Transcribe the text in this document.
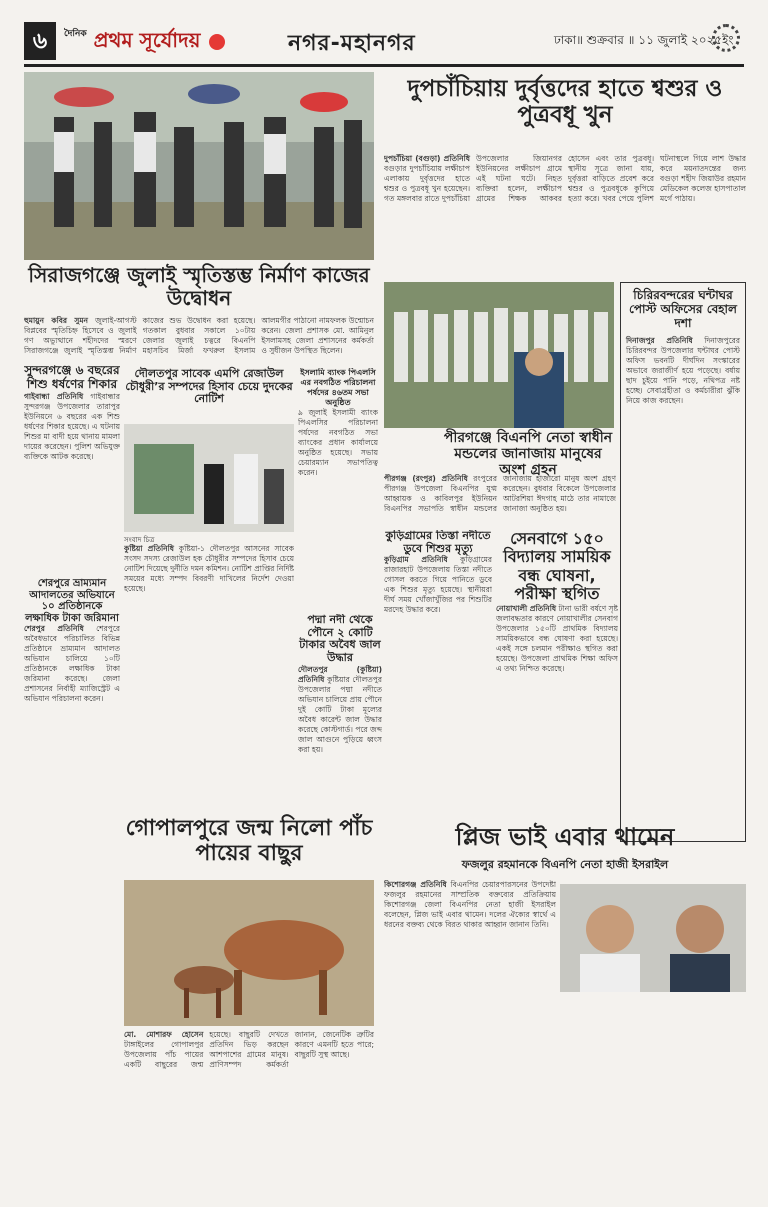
৬	$^{দৈনিক}$ প্রথম সূর্যোদয়	নগর-মহানগর	ঢাকা॥ শুক্রবার ॥ ১১ জুলাই ২০২৫ইং
দুপচাঁচিয়ায় দুর্বৃত্তদের হাতে শ্বশুর ও পুত্রবধূ খুন
দুপচাঁচিয়া (বগুড়া) প্রতিনিধি বগুড়ার দুপচাঁচিয়ায় লক্ষীচাপ এলাকায় দুর্বৃত্তদের হাতে শ্বশুর ও পুত্রবধূ খুন হয়েছেন। গত মঙ্গলবার রাতে দুপচাঁচিয়া উপজেলার জিয়ানগর ইউনিয়নের লক্ষীচাপ গ্রামে এই ঘটনা ঘটে। নিহত ব্যক্তিরা হলেন, লক্ষীচাপ গ্রামের শিক্ষক আকবর হোসেন এবং তার পুত্রবধূ। স্থানীয় সূত্রে জানা যায়, দুর্বৃত্তরা বাড়িতে প্রবেশ করে শ্বশুর ও পুত্রবধূকে কুপিয়ে হত্যা করে। খবর পেয়ে পুলিশ ঘটনাস্থলে গিয়ে লাশ উদ্ধার করে ময়নাতদন্তের জন্য বগুড়া শহীদ জিয়াউর রহমান মেডিকেল কলেজ হাসপাতাল মর্গে পাঠায়।
সিরাজগঞ্জে জুলাই স্মৃতিস্তম্ভ নির্মাণ কাজের উদ্বোধন
হুমায়ুন কবির সুমন জুলাই-আগস্ট বিপ্লবের স্মৃতিচিহ্ন হিসেবে ও জুলাই গণ অভ্যুত্থানে শহীদদের স্মরণে সিরাজগঞ্জে জুলাই স্মৃতিস্তম্ভ নির্মাণ কাজের শুভ উদ্বোধন করা হয়েছে। গতকাল বুধবার সকালে ১০টায় জেলার জুলাই চত্বরে বিএনপি মহাসচিব মির্জা ফখরুল ইসলাম আলমগীর পাঠানো নামফলক উন্মোচন করেন। জেলা প্রশাসক মো. আমিনুল ইসলামসহ জেলা প্রশাসনের কর্মকর্তা ও সুধীজন উপস্থিত ছিলেন।
চিরিরবন্দরের ঘন্টাঘর পোস্ট অফিসের বেহাল দশা
দিনাজপুর প্রতিনিধি দিনাজপুরের চিরিরবন্দর উপজেলার ঘন্টাঘর পোস্ট অফিস ভবনটি দীর্ঘদিন সংস্কারের অভাবে জরাজীর্ণ হয়ে পড়েছে। বর্ষায় ছাদ চুইয়ে পানি পড়ে, নথিপত্র নষ্ট হচ্ছে। সেবাগ্রহীতা ও কর্মচারীরা ঝুঁকি নিয়ে কাজ করছেন।
পীরগঞ্জে বিএনপি নেতা স্বাধীন মন্ডলের জানাজায় মানুষের অংশ গ্রহন
পীরগঞ্জ (রংপুর) প্রতিনিধি রংপুরের পীরগঞ্জ উপজেলা বিএনপির যুগ্ম আহ্বায়ক ও কাবিলপুর ইউনিয়ন বিএনপির সভাপতি স্বাধীন মন্ডলের জানাজায় হাজারো মানুষ অংশ গ্রহণ করেছেন। বুধবার বিকেলে উপজেলার আটরশিয়া ঈদগাহ মাঠে তার নামাজে জানাজা অনুষ্ঠিত হয়।
সুন্দরগঞ্জে ৬ বছরের শিশু ধর্ষণের শিকার
গাইবান্ধা প্রতিনিধি গাইবান্ধার সুন্দরগঞ্জ উপজেলার তারাপুর ইউনিয়নে ৬ বছরের এক শিশু ধর্ষণের শিকার হয়েছে। এ ঘটনায় শিশুর মা বাদী হয়ে থানায় মামলা দায়ের করেছেন। পুলিশ অভিযুক্ত ব্যক্তিকে আটক করেছে।
শেরপুরে ভ্রাম্যমান আদালতের অভিযানে ১০ প্রতিষ্ঠানকে লক্ষাধিক টাকা জরিমানা
শেরপুর প্রতিনিধি শেরপুরে অবৈধভাবে পরিচালিত বিভিন্ন প্রতিষ্ঠানে ভ্রাম্যমান আদালত অভিযান চালিয়ে ১০টি প্রতিষ্ঠানকে লক্ষাধিক টাকা জরিমানা করেছে। জেলা প্রশাসনের নির্বাহী ম্যাজিস্ট্রেট এ অভিযান পরিচালনা করেন।
দৌলতপুর সাবেক এমপি রেজাউল চৌধুরী’র সম্পদের হিসাব চেয়ে দুদকের নোটিশ
সংবাদ চিত্র
কুষ্টিয়া প্রতিনিধি কুষ্টিয়া-১ দৌলতপুর আসনের সাবেক সংসদ সদস্য রেজাউল হক চৌধুরীর সম্পদের হিসাব চেয়ে নোটিশ দিয়েছে দুর্নীতি দমন কমিশন। নোটিশ প্রাপ্তির নির্দিষ্ট সময়ের মধ্যে সম্পদ বিবরণী দাখিলের নির্দেশ দেওয়া হয়েছে।
ইসলামি ব্যাংক পিএলসি এর নবগঠিত পরিচালনা পর্ষদের ৪৬তম সভা অনুষ্ঠিত
৯ জুলাই ইসলামী ব্যাংক পিএলসির পরিচালনা পর্ষদের নবগঠিত সভা ব্যাংকের প্রধান কার্যালয়ে অনুষ্ঠিত হয়েছে। সভায় চেয়ারম্যান সভাপতিত্ব করেন।
কুড়িগ্রামের তিস্তা নদীতে ডুবে শিশুর মৃত্যু
কুড়িগ্রাম প্রতিনিধি কুড়িগ্রামের রাজারহাট উপজেলায় তিস্তা নদীতে গোসল করতে গিয়ে পানিতে ডুবে এক শিশুর মৃত্যু হয়েছে। স্থানীয়রা দীর্ঘ সময় খোঁজাখুঁজির পর শিশুটির মরদেহ উদ্ধার করে।
পদ্মা নদী থেকে পৌনে ২ কোটি টাকার অবৈধ জাল উদ্ধার
দৌলতপুর (কুষ্টিয়া) প্রতিনিধি কুষ্টিয়ার দৌলতপুর উপজেলার পদ্মা নদীতে অভিযান চালিয়ে প্রায় পৌনে দুই কোটি টাকা মূল্যের অবৈধ কারেন্ট জাল উদ্ধার করেছে কোস্টগার্ড। পরে জব্দ জাল আগুনে পুড়িয়ে ধ্বংস করা হয়।
সেনবাগে ১৫০ বিদ্যালয় সাময়িক বন্ধ ঘোষনা, পরীক্ষা স্থগিত
নোয়াখালী প্রতিনিধি টানা ভারী বর্ষণে সৃষ্ট জলাবদ্ধতার কারণে নোয়াখালীর সেনবাগ উপজেলার ১৫০টি প্রাথমিক বিদ্যালয় সাময়িকভাবে বন্ধ ঘোষণা করা হয়েছে। একই সঙ্গে চলমান পরীক্ষাও স্থগিত করা হয়েছে। উপজেলা প্রাথমিক শিক্ষা অফিস এ তথ্য নিশ্চিত করেছে।
গোপালপুরে জন্ম নিলো পাঁচ পায়ের বাছুর
মো. মোশারফ হোসেন টাঙ্গাইলের গোপালপুর উপজেলায় পাঁচ পায়ের একটি বাছুরের জন্ম হয়েছে। বাছুরটি দেখতে প্রতিদিন ভিড় করছেন আশপাশের গ্রামের মানুষ। প্রাণিসম্পদ কর্মকর্তা জানান, জেনেটিক ত্রুটির কারণে এমনটি হতে পারে; বাছুরটি সুস্থ আছে।
প্লিজ ভাই এবার থামেন
ফজলুর রহমানকে বিএনপি নেতা হাজী ইসরাইল
কিশোরগঞ্জ প্রতিনিধি বিএনপির চেয়ারপারসনের উপদেষ্টা ফজলুর রহমানের সাম্প্রতিক বক্তব্যের প্রতিক্রিয়ায় কিশোরগঞ্জ জেলা বিএনপির নেতা হাজী ইসরাইল বলেছেন, প্লিজ ভাই এবার থামেন। দলের ঐক্যের স্বার্থে এ ধরনের বক্তব্য থেকে বিরত থাকার আহ্বান জানান তিনি।
